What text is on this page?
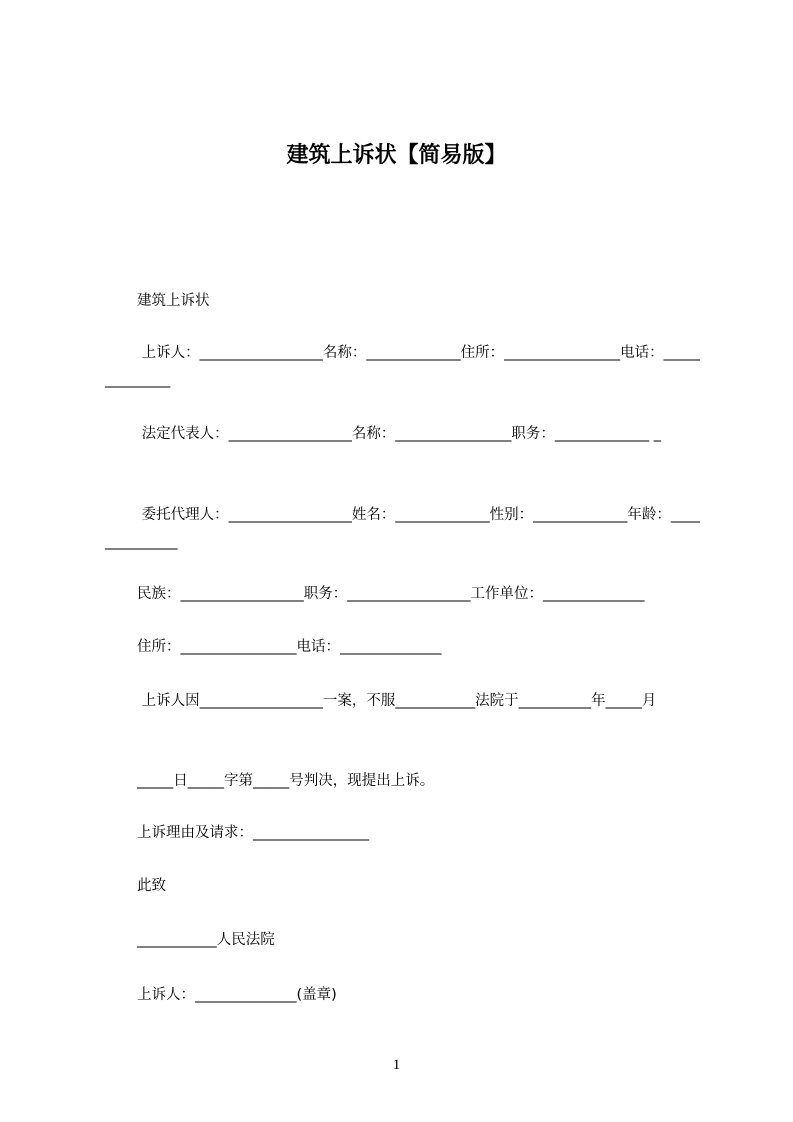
建筑上诉状【简易版】
建筑上诉状
上诉人：_________________名称：_____________住所：________________电话：______________
法定代表人：_________________名称：________________职务：_____________ _
委托代理人：_________________姓名：_____________性别：_____________年龄：______________
民族：_________________职务：_________________工作单位：______________
住所：________________电话：______________
上诉人因_________________一案，不服___________法院于__________年_____月
_____日_____字第_____号判决，现提出上诉。
上诉理由及请求：________________
此致
___________人民法院
上诉人：______________(盖章)
1
